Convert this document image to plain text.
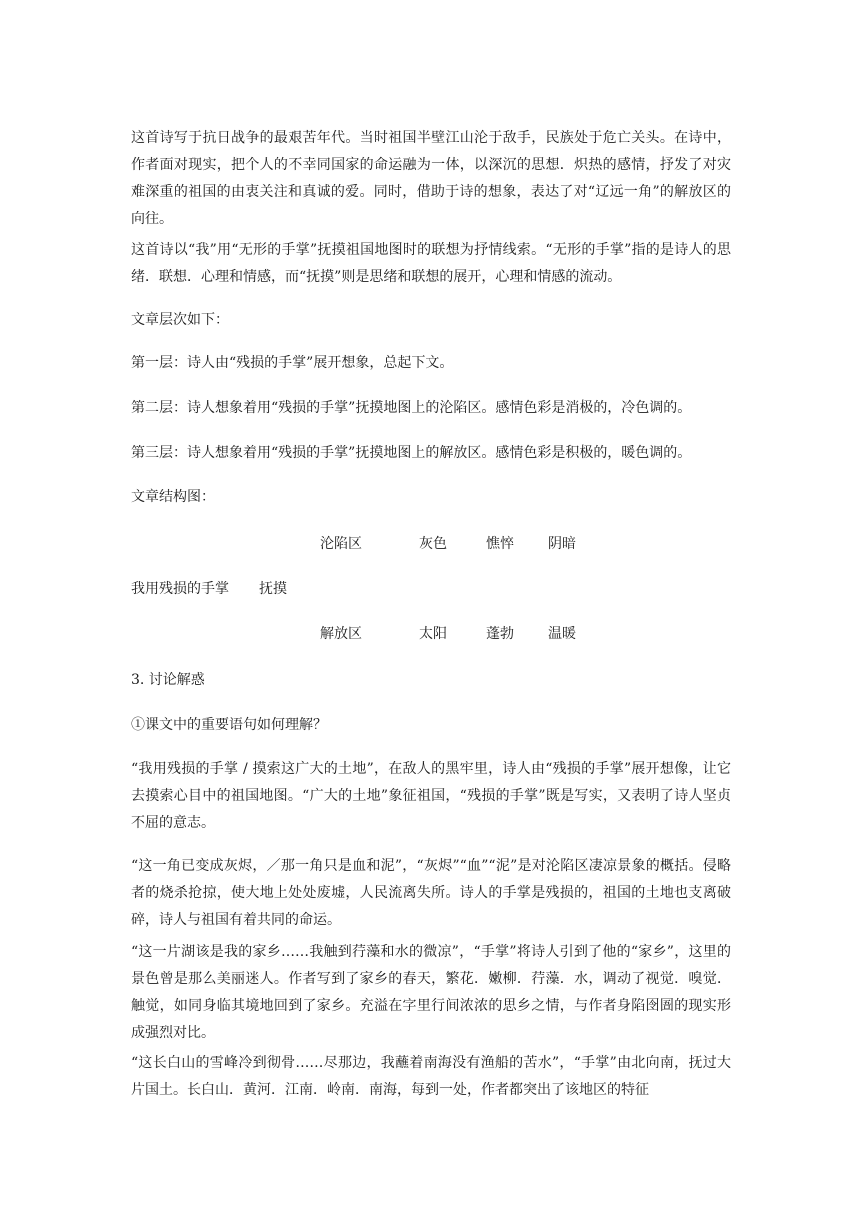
这首诗写于抗日战争的最艰苦年代。当时祖国半壁江山沦于敌手，民族处于危亡关头。在诗中，作者面对现实，把个人的不幸同国家的命运融为一体，以深沉的思想．炽热的感情，抒发了对灾难深重的祖国的由衷关注和真诚的爱。同时，借助于诗的想象，表达了对“辽远一角”的解放区的向往。

这首诗以“我”用“无形的手掌”抚摸祖国地图时的联想为抒情线索。“无形的手掌”指的是诗人的思绪．联想．心理和情感，而“抚摸”则是思绪和联想的展开，心理和情感的流动。

文章层次如下：

第一层：诗人由“残损的手掌”展开想象，总起下文。

第二层：诗人想象着用“残损的手掌”抚摸地图上的沦陷区。感情色彩是消极的，冷色调的。

第三层：诗人想象着用“残损的手掌”抚摸地图上的解放区。感情色彩是积极的，暖色调的。

文章结构图：

沦陷区	灰色	憔悴 阴暗
我用残损的手掌 抚摸
解放区	太阳	蓬勃 温暖

3. 讨论解惑

①课文中的重要语句如何理解？

“我用残损的手掌 / 摸索这广大的土地”，在敌人的黑牢里，诗人由“残损的手掌”展开想像，让它去摸索心目中的祖国地图。“广大的土地”象征祖国，“残损的手掌”既是写实，又表明了诗人坚贞不屈的意志。

“这一角已变成灰烬，／那一角只是血和泥”，“灰烬”“血”“泥”是对沦陷区凄凉景象的概括。侵略者的烧杀抢掠，使大地上处处废墟，人民流离失所。诗人的手掌是残损的，祖国的土地也支离破碎，诗人与祖国有着共同的命运。

“这一片湖该是我的家乡……我触到荇藻和水的微凉”，“手掌”将诗人引到了他的“家乡”，这里的景色曾是那么美丽迷人。作者写到了家乡的春天，繁花．嫩柳．荇藻．水，调动了视觉．嗅觉．触觉，如同身临其境地回到了家乡。充溢在字里行间浓浓的思乡之情，与作者身陷囹圄的现实形成强烈对比。

“这长白山的雪峰冷到彻骨……尽那边，我蘸着南海没有渔船的苦水”，“手掌”由北向南，抚过大片国土。长白山．黄河．江南．岭南．南海，每到一处，作者都突出了该地区的特征
